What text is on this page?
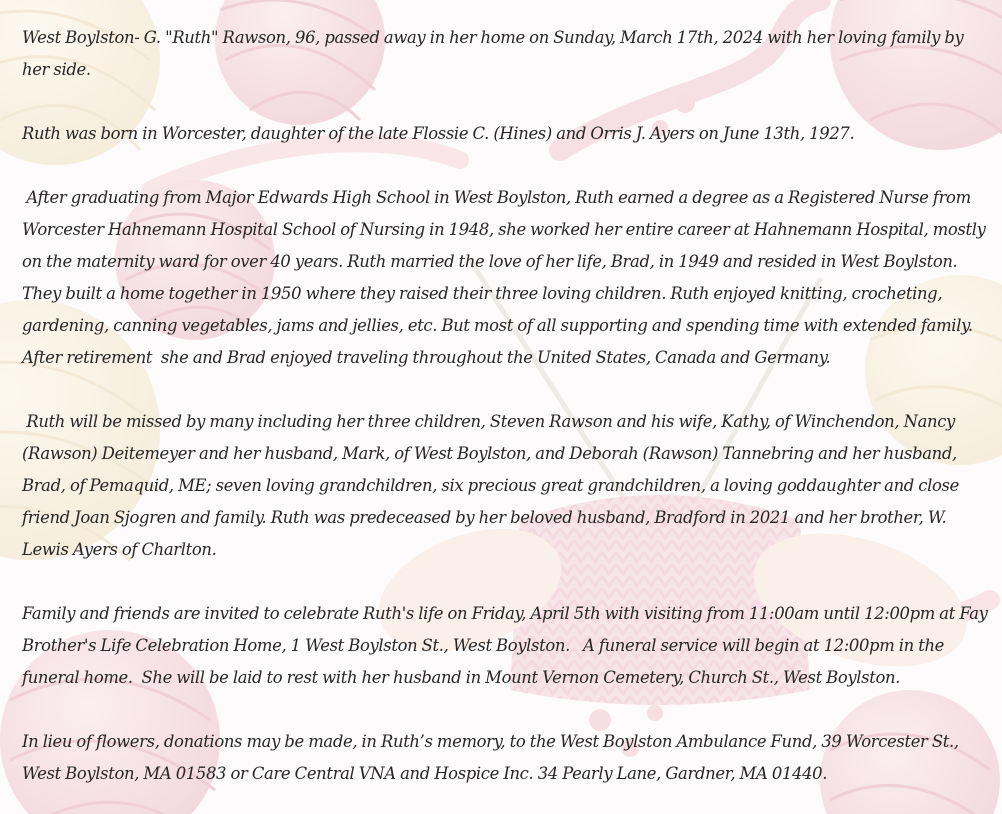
West Boylston- G. "Ruth" Rawson, 96, passed away in her home on Sunday, March 17th, 2024 with her loving family by her side.

Ruth was born in Worcester, daughter of the late Flossie C. (Hines) and Orris J. Ayers on June 13th, 1927.

After graduating from Major Edwards High School in West Boylston, Ruth earned a degree as a Registered Nurse from Worcester Hahnemann Hospital School of Nursing in 1948, she worked her entire career at Hahnemann Hospital, mostly on the maternity ward for over 40 years. Ruth married the love of her life, Brad, in 1949 and resided in West Boylston. They built a home together in 1950 where they raised their three loving children. Ruth enjoyed knitting, crocheting, gardening, canning vegetables, jams and jellies, etc. But most of all supporting and spending time with extended family. After retirement  she and Brad enjoyed traveling throughout the United States, Canada and Germany.

Ruth will be missed by many including her three children, Steven Rawson and his wife, Kathy, of Winchendon, Nancy (Rawson) Deitemeyer and her husband, Mark, of West Boylston, and Deborah (Rawson) Tannebring and her husband, Brad, of Pemaquid, ME; seven loving grandchildren, six precious great grandchildren, a loving goddaughter and close friend Joan Sjogren and family. Ruth was predeceased by her beloved husband, Bradford in 2021 and her brother, W. Lewis Ayers of Charlton.

Family and friends are invited to celebrate Ruth's life on Friday, April 5th with visiting from 11:00am until 12:00pm at Fay Brother's Life Celebration Home, 1 West Boylston St., West Boylston.   A funeral service will begin at 12:00pm in the funeral home.  She will be laid to rest with her husband in Mount Vernon Cemetery, Church St., West Boylston.

In lieu of flowers, donations may be made, in Ruth’s memory, to the West Boylston Ambulance Fund, 39 Worcester St., West Boylston, MA 01583 or Care Central VNA and Hospice Inc. 34 Pearly Lane, Gardner, MA 01440.
